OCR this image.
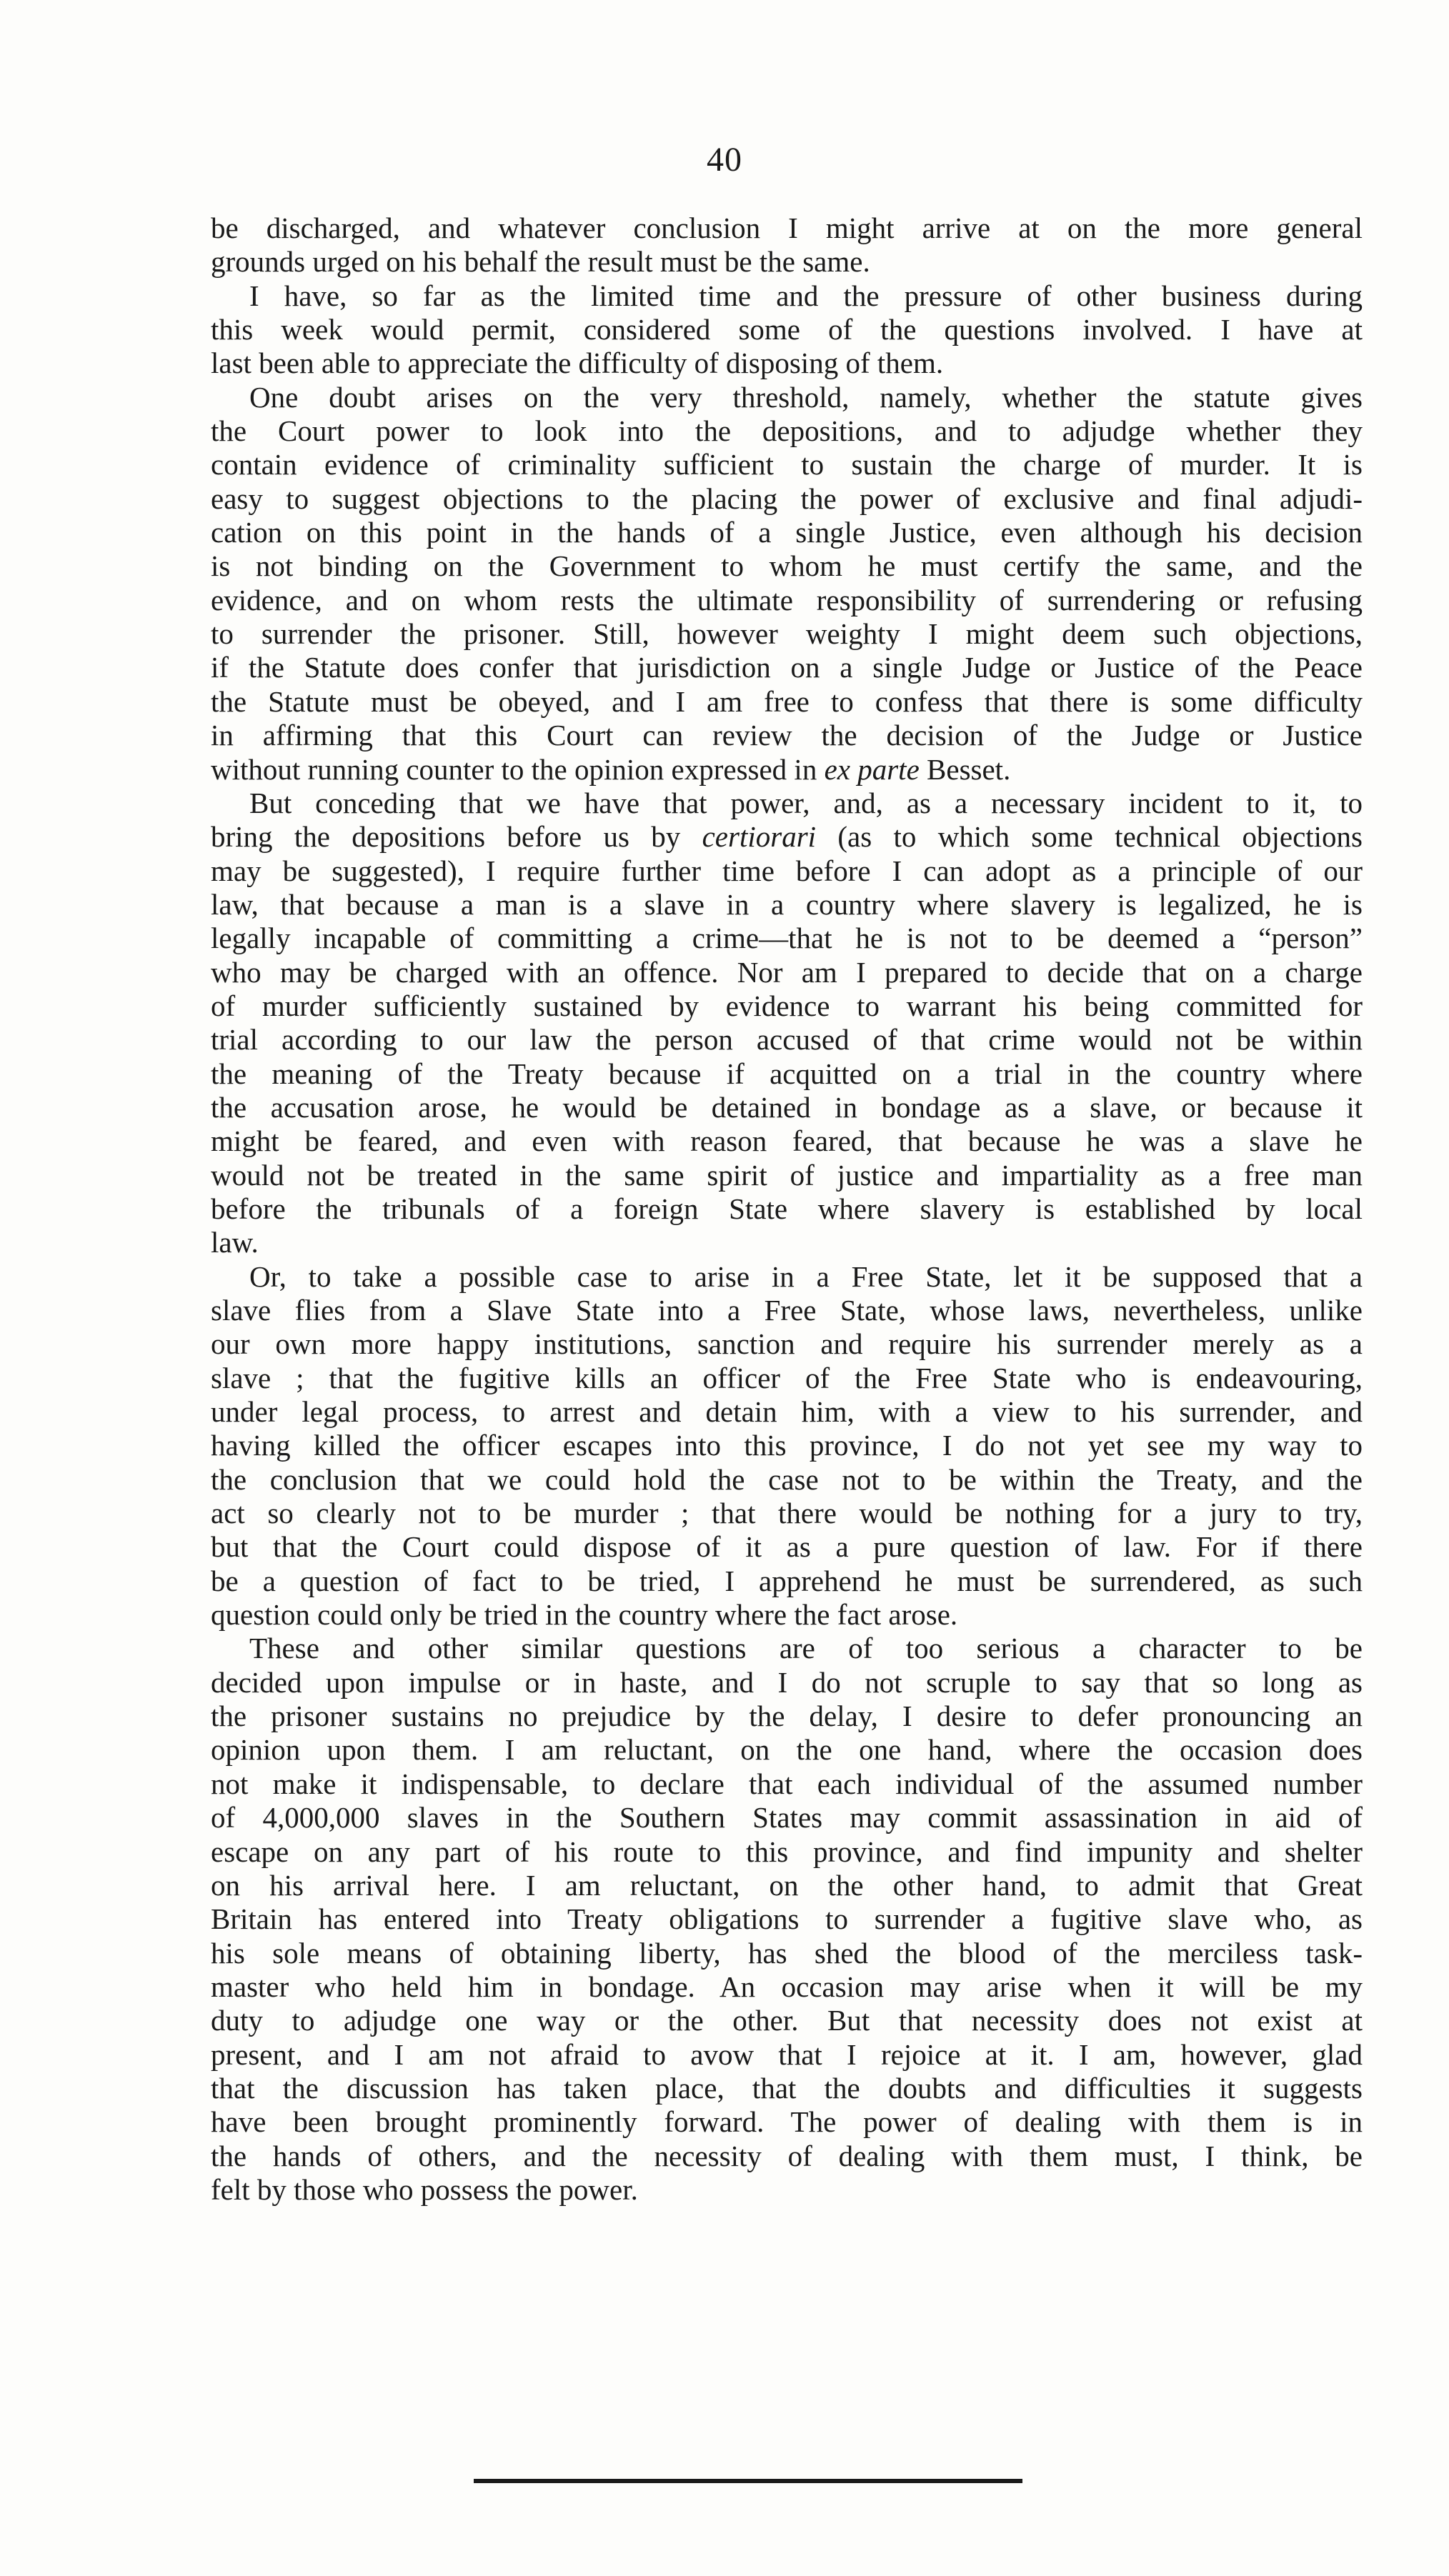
40
be discharged, and whatever conclusion I might arrive at on the more general
grounds urged on his behalf the result must be the same.
I have, so far as the limited time and the pressure of other business during
this week would permit, considered some of the questions involved. I have at
last been able to appreciate the difficulty of disposing of them.
One doubt arises on the very threshold, namely, whether the statute gives
the Court power to look into the depositions, and to adjudge whether they
contain evidence of criminality sufficient to sustain the charge of murder. It is
easy to suggest objections to the placing the power of exclusive and final adjudi-
cation on this point in the hands of a single Justice, even although his decision
is not binding on the Government to whom he must certify the same, and the
evidence, and on whom rests the ultimate responsibility of surrendering or refusing
to surrender the prisoner. Still, however weighty I might deem such objections,
if the Statute does confer that jurisdiction on a single Judge or Justice of the Peace
the Statute must be obeyed, and I am free to confess that there is some difficulty
in affirming that this Court can review the decision of the Judge or Justice
without running counter to the opinion expressed in ex parte Besset.
But conceding that we have that power, and, as a necessary incident to it, to
bring the depositions before us by certiorari (as to which some technical objections
may be suggested), I require further time before I can adopt as a principle of our
law, that because a man is a slave in a country where slavery is legalized, he is
legally incapable of committing a crime—that he is not to be deemed a “person”
who may be charged with an offence. Nor am I prepared to decide that on a charge
of murder sufficiently sustained by evidence to warrant his being committed for
trial according to our law the person accused of that crime would not be within
the meaning of the Treaty because if acquitted on a trial in the country where
the accusation arose, he would be detained in bondage as a slave, or because it
might be feared, and even with reason feared, that because he was a slave he
would not be treated in the same spirit of justice and impartiality as a free man
before the tribunals of a foreign State where slavery is established by local
law.
Or, to take a possible case to arise in a Free State, let it be supposed that a
slave flies from a Slave State into a Free State, whose laws, nevertheless, unlike
our own more happy institutions, sanction and require his surrender merely as a
slave ; that the fugitive kills an officer of the Free State who is endeavouring,
under legal process, to arrest and detain him, with a view to his surrender, and
having killed the officer escapes into this province, I do not yet see my way to
the conclusion that we could hold the case not to be within the Treaty, and the
act so clearly not to be murder ; that there would be nothing for a jury to try,
but that the Court could dispose of it as a pure question of law. For if there
be a question of fact to be tried, I apprehend he must be surrendered, as such
question could only be tried in the country where the fact arose.
These and other similar questions are of too serious a character to be
decided upon impulse or in haste, and I do not scruple to say that so long as
the prisoner sustains no prejudice by the delay, I desire to defer pronouncing an
opinion upon them. I am reluctant, on the one hand, where the occasion does
not make it indispensable, to declare that each individual of the assumed number
of 4,000,000 slaves in the Southern States may commit assassination in aid of
escape on any part of his route to this province, and find impunity and shelter
on his arrival here. I am reluctant, on the other hand, to admit that Great
Britain has entered into Treaty obligations to surrender a fugitive slave who, as
his sole means of obtaining liberty, has shed the blood of the merciless task-
master who held him in bondage. An occasion may arise when it will be my
duty to adjudge one way or the other. But that necessity does not exist at
present, and I am not afraid to avow that I rejoice at it. I am, however, glad
that the discussion has taken place, that the doubts and difficulties it suggests
have been brought prominently forward. The power of dealing with them is in
the hands of others, and the necessity of dealing with them must, I think, be
felt by those who possess the power.
